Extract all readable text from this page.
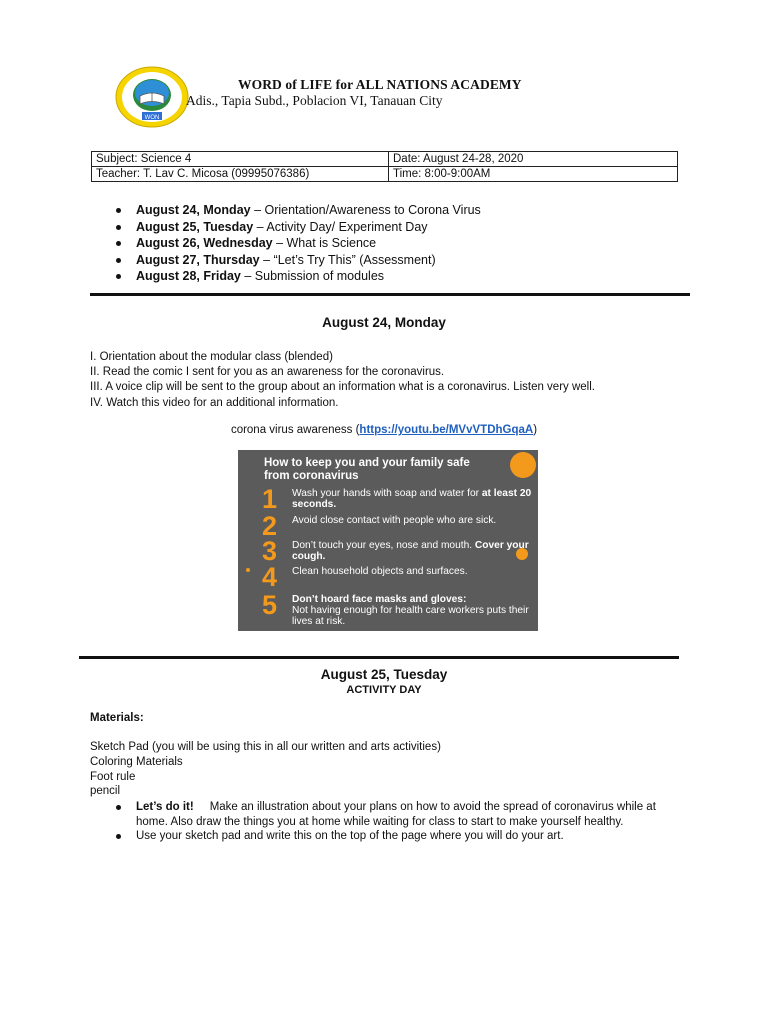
WON
WORD of LIFE for ALL NATIONS ACADEMY
Adis., Tapia Subd., Poblacion VI, Tanauan City
Subject: Science 4	Date: August 24-28, 2020
Teacher: T. Lav C. Micosa (09995076386)	Time: 8:00-9:00AM
August 24, Monday – Orientation/Awareness to Corona Virus
August 25, Tuesday – Activity Day/ Experiment Day
August 26, Wednesday – What is Science
August 27, Thursday – “Let’s Try This” (Assessment)
August 28, Friday – Submission of modules
August 24, Monday
I. Orientation about the modular class (blended)
II. Read the comic I sent for you as an awareness for the coronavirus.
III. A voice clip will be sent to the group about an information what is a coronavirus. Listen very well.
IV. Watch this video for an additional information.
corona virus awareness (https://youtu.be/MVvVTDhGqaA)
How to keep you and your family safe from coronavirus
1	Wash your hands with soap and water for at least 20 seconds.
2	Avoid close contact with people who are sick.
3	Don’t touch your eyes, nose and mouth. Cover your cough.
4	Clean household objects and surfaces.
5	Don’t hoard face masks and gloves:
Not having enough for health care workers puts their lives at risk.
August 25, Tuesday
ACTIVITY DAY
Materials:
Sketch Pad (you will be using this in all our written and arts activities)
Coloring Materials
Foot rule
pencil
Let’s do it!     Make an illustration about your plans on how to avoid the spread of coronavirus while at home. Also draw the things you at home while waiting for class to start to make yourself healthy.
Use your sketch pad and write this on the top of the page where you will do your art.
